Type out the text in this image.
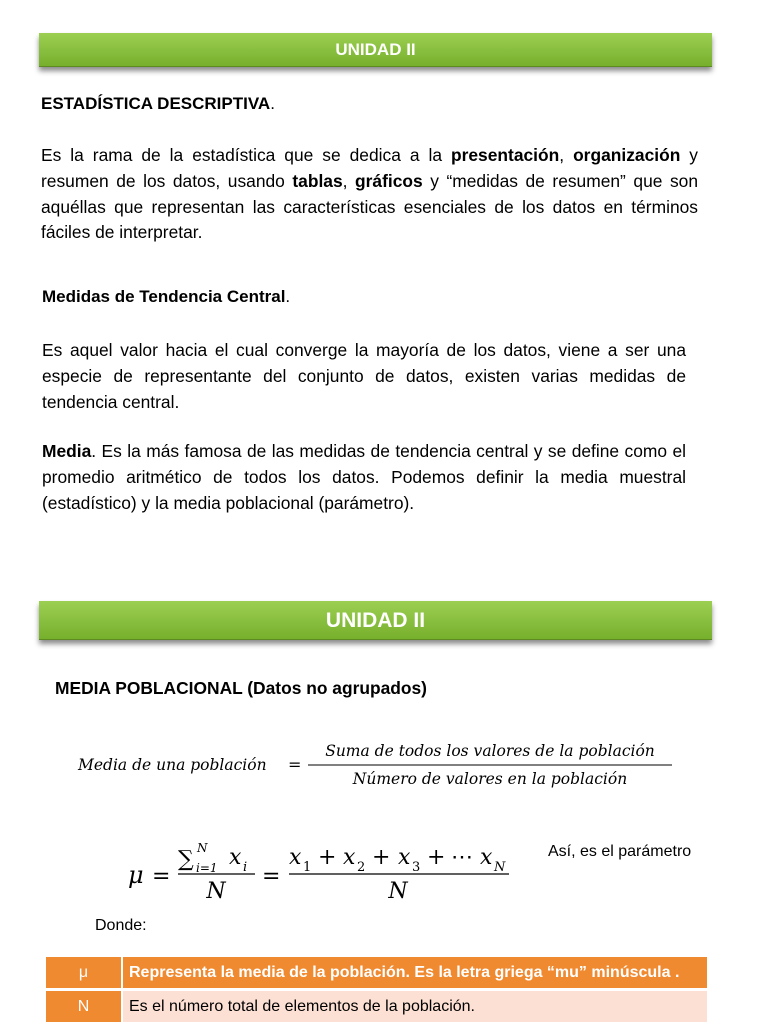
UNIDAD II
ESTADÍSTICA DESCRIPTIVA.
Es la rama de la estadística que se dedica a la presentación, organización y resumen de los datos, usando tablas, gráficos y “medidas de resumen” que son aquéllas que representan las características esenciales de los datos en términos fáciles de interpretar.
Medidas de Tendencia Central.
Es aquel valor hacia el cual converge la mayoría de los datos, viene a ser una especie de representante del conjunto de datos, existen varias medidas de tendencia central.
Media. Es la más famosa de las medidas de tendencia central y se define como el promedio aritmético de todos los datos. Podemos definir la media muestral (estadístico) y la media poblacional (parámetro).
UNIDAD II
MEDIA POBLACIONAL (Datos no agrupados)
Media de una población =
Suma de todos los valores de la población
Número de valores en la población
μ =
∑ N
i=1 x i
N
=
x 1 + x 2 + x 3 + ⋯ x N
N
Así, es el parámetro
Donde:
μ	Representa la media de la población. Es la letra griega “mu” minúscula .
N	Es el número total de elementos de la población.
